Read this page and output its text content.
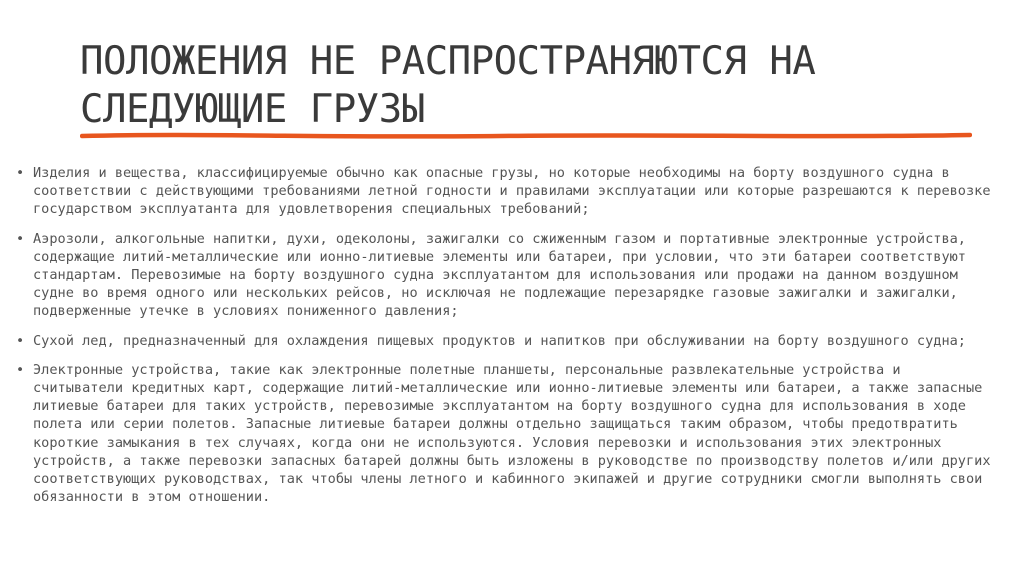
ПОЛОЖЕНИЯ НЕ РАСПРОСТРАНЯЮТСЯ НА СЛЕДУЮЩИЕ ГРУЗЫ
• Изделия и вещества, классифицируемые обычно как опасные грузы, но которые необходимы на борту воздушного судна в соответствии с действующими требованиями летной годности и правилами эксплуатации или которые разрешаются к перевозке государством эксплуатанта для удовлетворения специальных требований;
• Аэрозоли, алкогольные напитки, духи, одеколоны, зажигалки со сжиженным газом и портативные электронные устройства, содержащие литий-металлические или ионно-литиевые элементы или батареи, при условии, что эти батареи соответствуют стандартам. Перевозимые на борту воздушного судна эксплуатантом для использования или продажи на данном воздушном судне во время одного или нескольких рейсов, но исключая не подлежащие перезарядке газовые зажигалки и зажигалки, подверженные утечке в условиях пониженного давления;
• Сухой лед, предназначенный для охлаждения пищевых продуктов и напитков при обслуживании на борту воздушного судна;
• Электронные устройства, такие как электронные полетные планшеты, персональные развлекательные устройства и считыватели кредитных карт, содержащие литий-металлические или ионно-литиевые элементы или батареи, а также запасные литиевые батареи для таких устройств, перевозимые эксплуатантом на борту воздушного судна для использования в ходе полета или серии полетов. Запасные литиевые батареи должны отдельно защищаться таким образом, чтобы предотвратить короткие замыкания в тех случаях, когда они не используются. Условия перевозки и использования этих электронных устройств, а также перевозки запасных батарей должны быть изложены в руководстве по производству полетов и/или других соответствующих руководствах, так чтобы члены летного и кабинного экипажей и другие сотрудники смогли выполнять свои обязанности в этом отношении.
